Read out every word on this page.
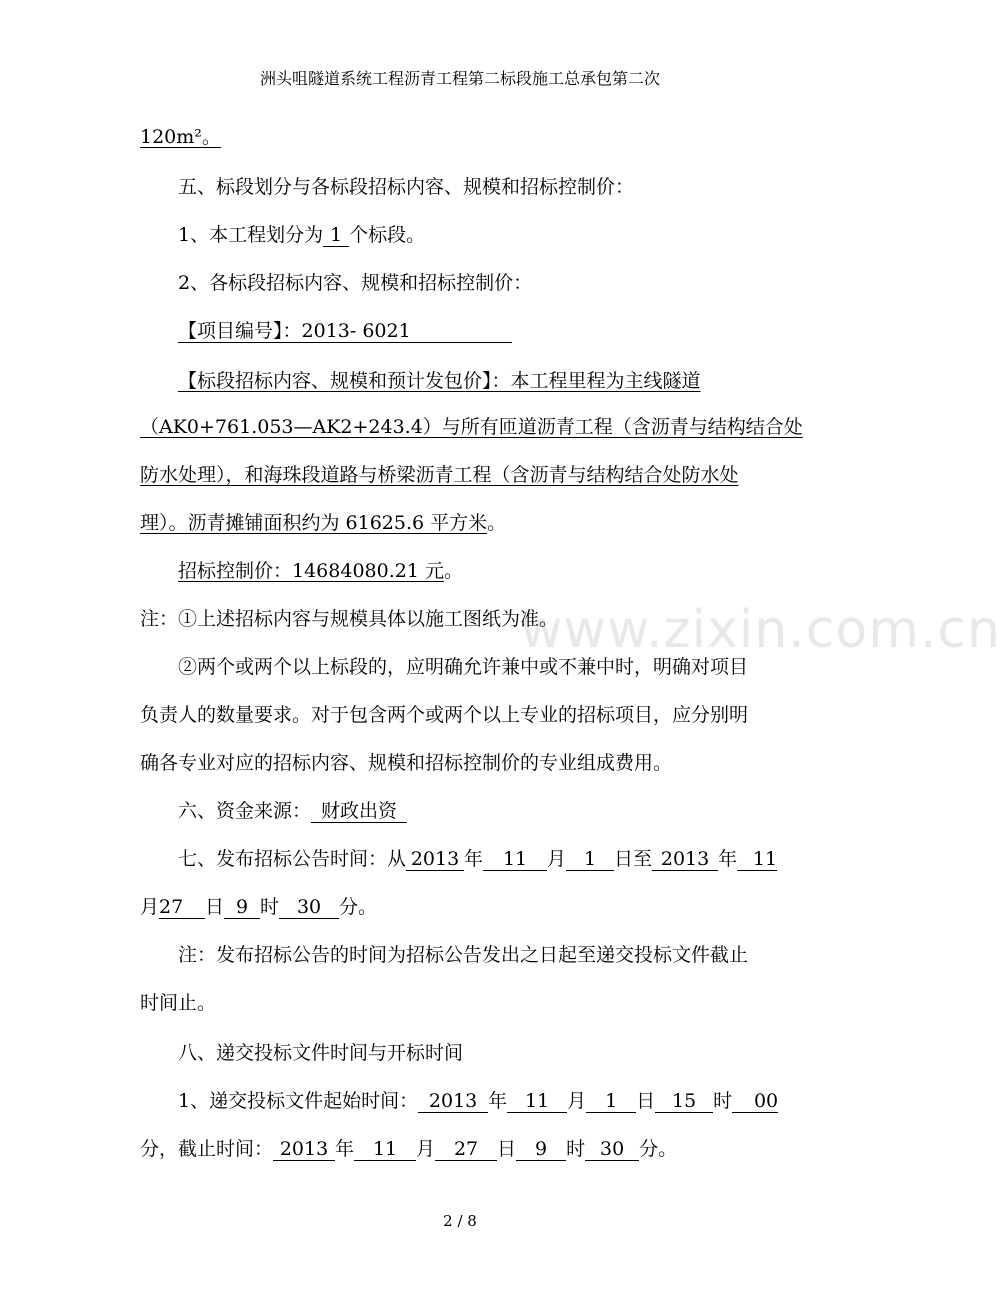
www.zixin.com.cn
洲头咀隧道系统工程沥青工程第二标段施工总承包第二次
120m²。
五、标段划分与各标段招标内容、规模和招标控制价：
1、本工程划分为 1 个标段。
2、各标段招标内容、规模和招标控制价：
【项目编号】：2013- 6021
【标段招标内容、规模和预计发包价】：本工程里程为主线隧道
（AK0+761.053—AK2+243.4）与所有匝道沥青工程（含沥青与结构结合处
防水处理），和海珠段道路与桥梁沥青工程（含沥青与结构结合处防水处
理）。沥青摊铺面积约为 61625.6 平方米。
招标控制价：14684080.21 元。
注：①上述招标内容与规模具体以施工图纸为准。
②两个或两个以上标段的，应明确允许兼中或不兼中时，明确对项目
负责人的数量要求。对于包含两个或两个以上专业的招标项目，应分别明
确各专业对应的招标内容、规模和招标控制价的专业组成费用。
六、资金来源： 财政出资
七、发布招标公告时间：从 2013 年 11 月 1 日至 2013 年 11
月27 日 9 时 30 分。
注：发布招标公告的时间为招标公告发出之日起至递交投标文件截止
时间止。
八、递交投标文件时间与开标时间
1、递交投标文件起始时间： 2013 年 11 月 1 日 15 时 00
分，截止时间： 2013 年 11 月 27 日 9 时 30 分。
2 / 8
